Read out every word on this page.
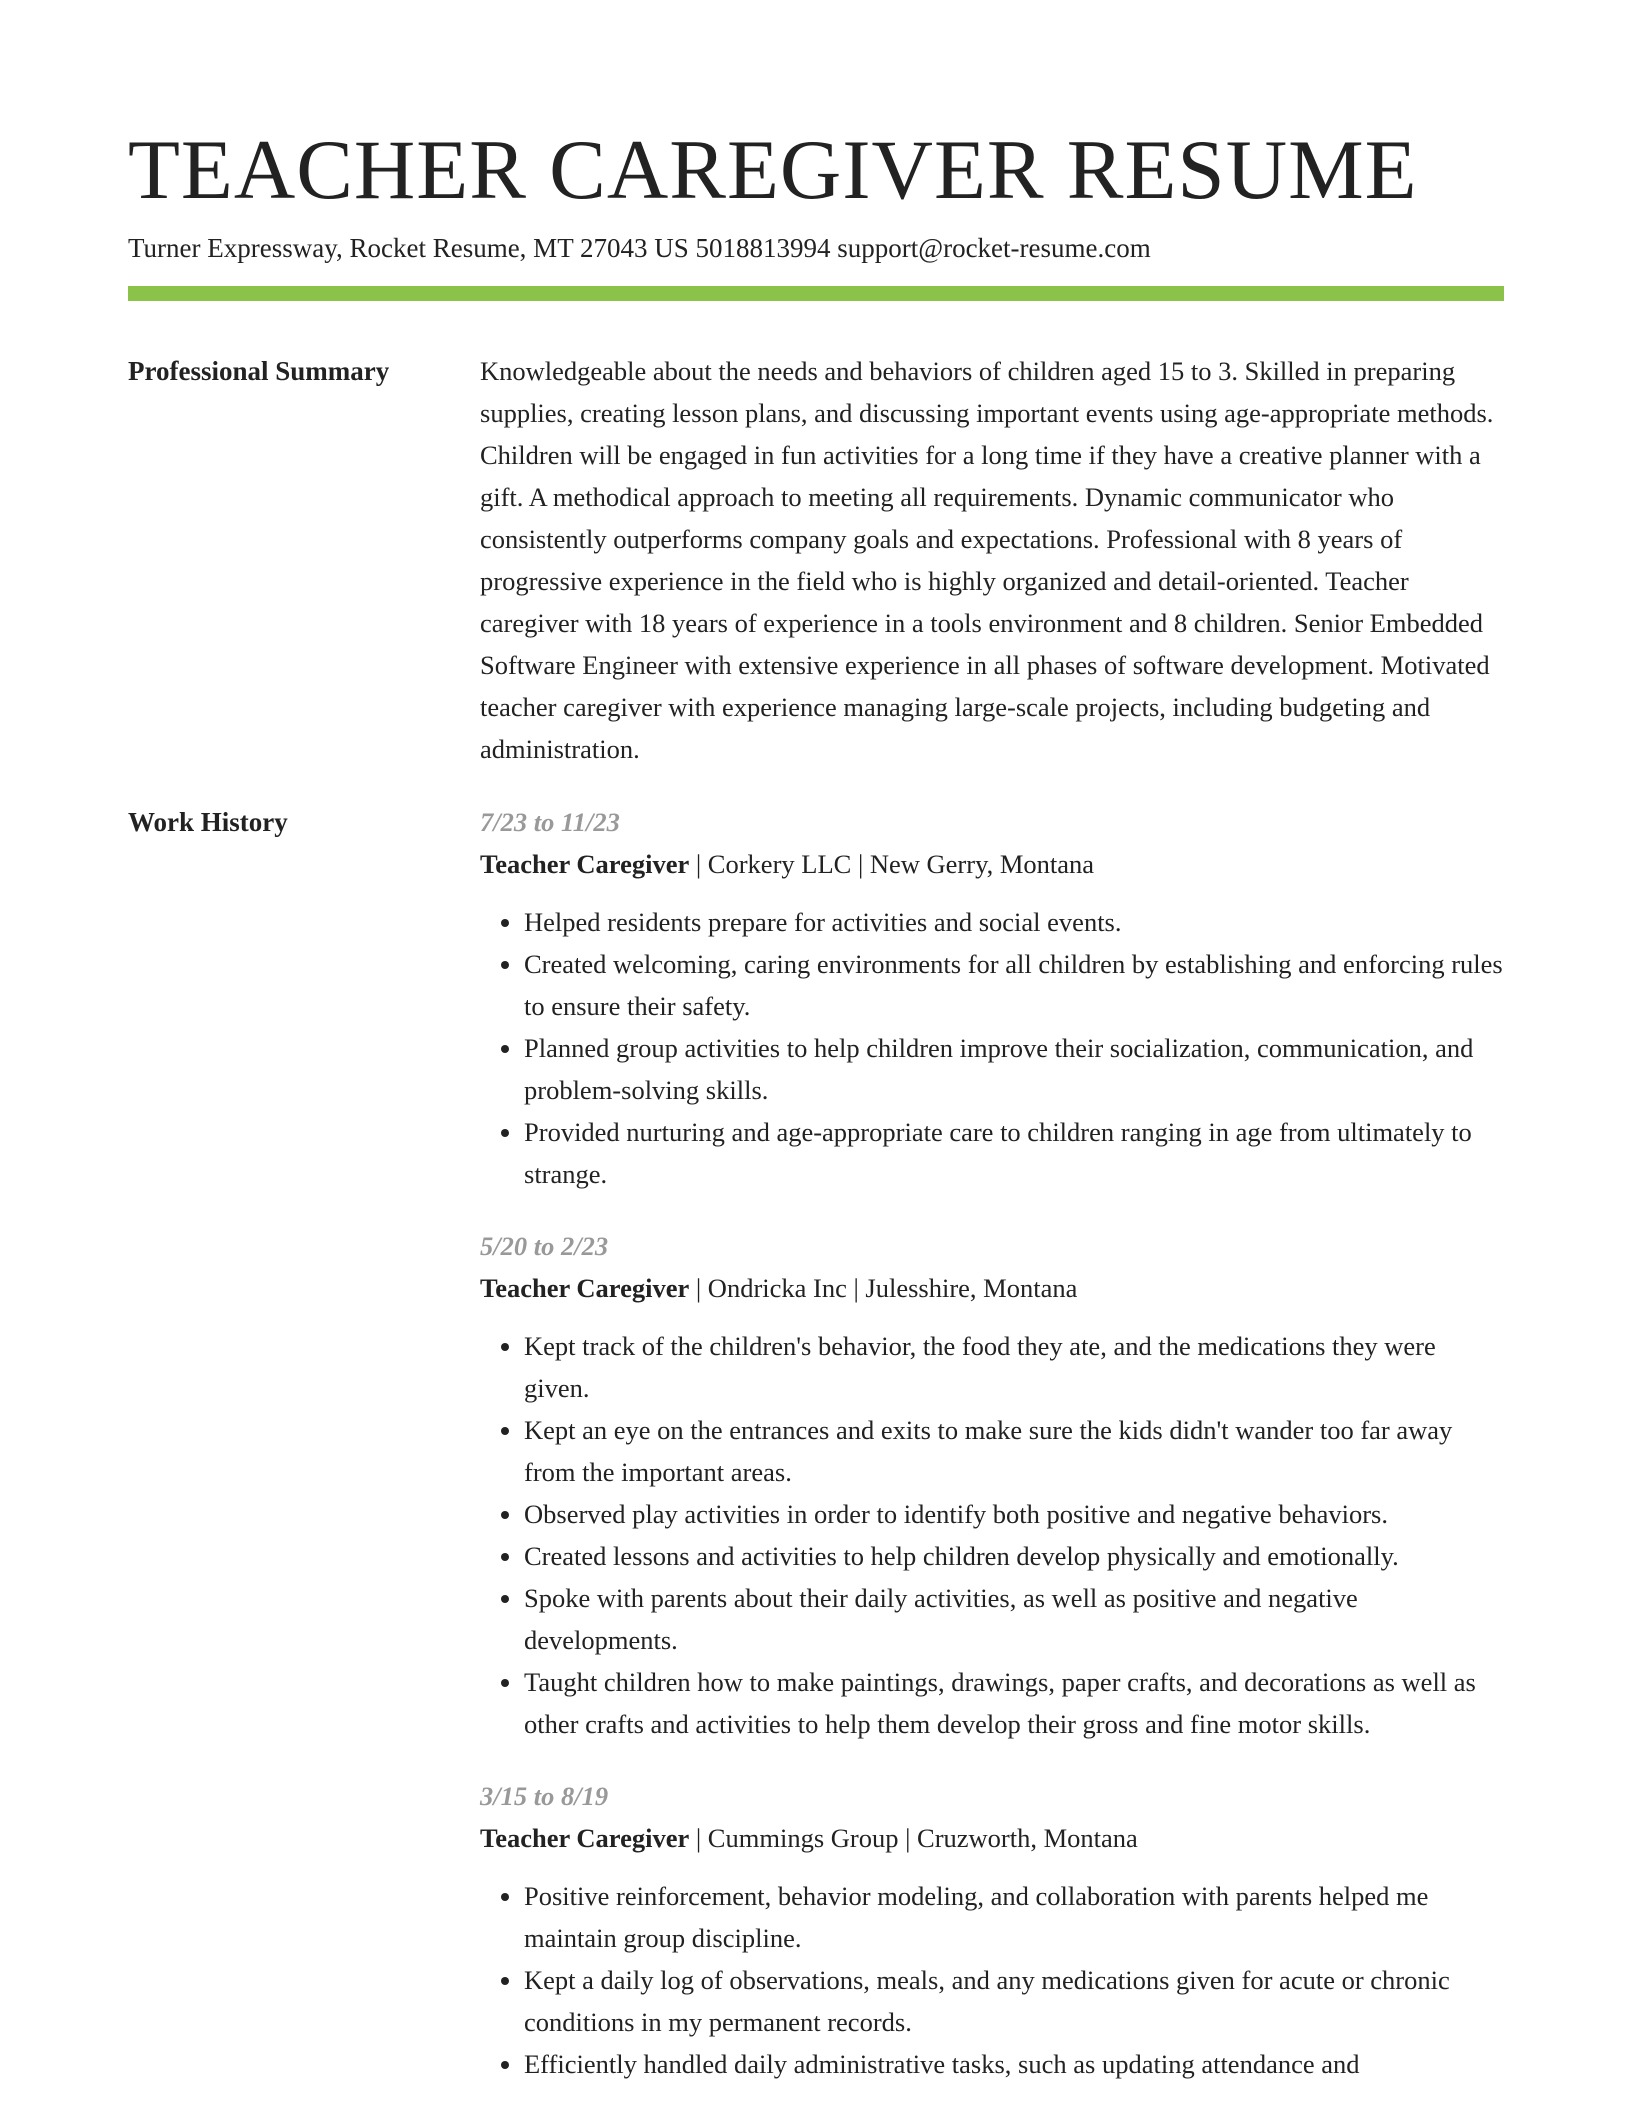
TEACHER CAREGIVER RESUME
Turner Expressway, Rocket Resume, MT 27043 US 5018813994 support@rocket-resume.com
Professional Summary	Knowledgeable about the needs and behaviors of children aged 15 to 3. Skilled in preparing supplies, creating lesson plans, and discussing important events using age-appropriate methods. Children will be engaged in fun activities for a long time if they have a creative planner with a gift. A methodical approach to meeting all requirements. Dynamic communicator who consistently outperforms company goals and expectations. Professional with 8 years of progressive experience in the field who is highly organized and detail-oriented. Teacher caregiver with 18 years of experience in a tools environment and 8 children. Senior Embedded Software Engineer with extensive experience in all phases of software development. Motivated teacher caregiver with experience managing large-scale projects, including budgeting and administration.

Work History	7/23 to 11/23
Teacher Caregiver | Corkery LLC | New Gerry, Montana
• Helped residents prepare for activities and social events.
• Created welcoming, caring environments for all children by establishing and enforcing rules to ensure their safety.
• Planned group activities to help children improve their socialization, communication, and problem-solving skills.
• Provided nurturing and age-appropriate care to children ranging in age from ultimately to strange.
5/20 to 2/23
Teacher Caregiver | Ondricka Inc | Julesshire, Montana
• Kept track of the children's behavior, the food they ate, and the medications they were given.
• Kept an eye on the entrances and exits to make sure the kids didn't wander too far away from the important areas.
• Observed play activities in order to identify both positive and negative behaviors.
• Created lessons and activities to help children develop physically and emotionally.
• Spoke with parents about their daily activities, as well as positive and negative developments.
• Taught children how to make paintings, drawings, paper crafts, and decorations as well as other crafts and activities to help them develop their gross and fine motor skills.
3/15 to 8/19
Teacher Caregiver | Cummings Group | Cruzworth, Montana
• Positive reinforcement, behavior modeling, and collaboration with parents helped me maintain group discipline.
• Kept a daily log of observations, meals, and any medications given for acute or chronic conditions in my permanent records.
• Efficiently handled daily administrative tasks, such as updating attendance and
